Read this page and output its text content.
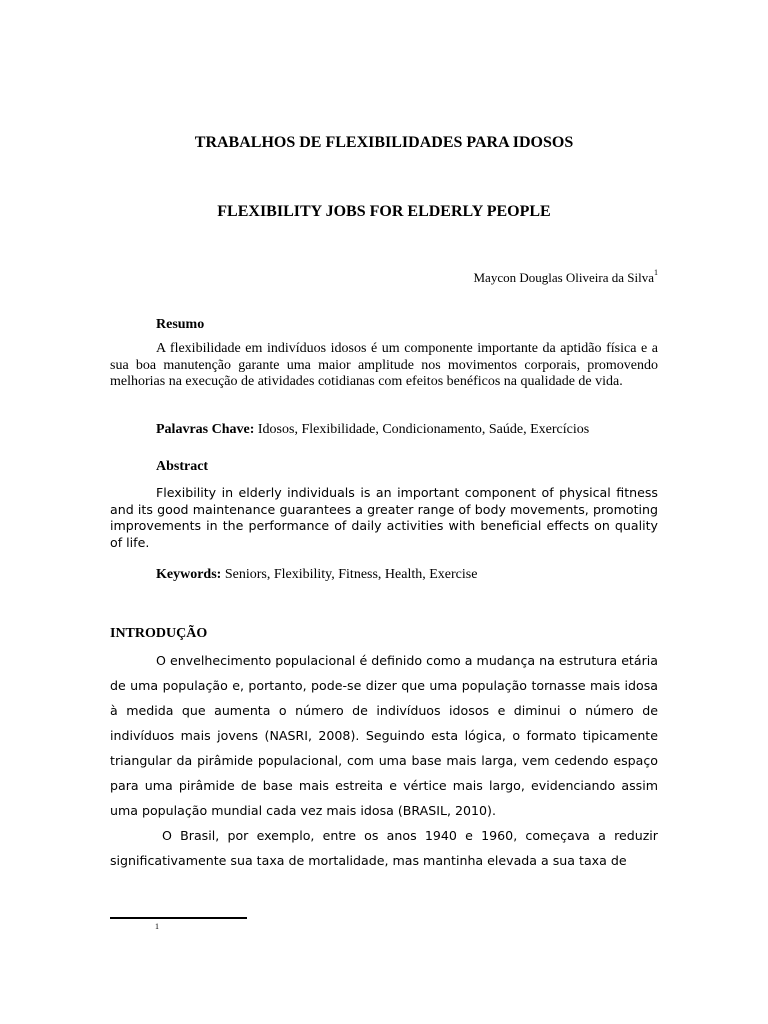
TRABALHOS DE FLEXIBILIDADES PARA IDOSOS
FLEXIBILITY JOBS FOR ELDERLY PEOPLE
Maycon Douglas Oliveira da Silva$^1$
Resumo
A flexibilidade em indivíduos idosos é um componente importante da aptidão física e a sua boa manutenção garante uma maior amplitude nos movimentos corporais, promovendo melhorias na execução de atividades cotidianas com efeitos benéficos na qualidade de vida.
Palavras Chave: Idosos, Flexibilidade, Condicionamento, Saúde, Exercícios
Abstract
Flexibility in elderly individuals is an important component of physical fitness and its good maintenance guarantees a greater range of body movements, promoting improvements in the performance of daily activities with beneficial effects on quality of life.
Keywords: Seniors, Flexibility, Fitness, Health, Exercise
INTRODUÇÃO
O envelhecimento populacional é definido como a mudança na estrutura etária de uma população e, portanto, pode-se dizer que uma população tornasse mais idosa à medida que aumenta o número de indivíduos idosos e diminui o número de indivíduos mais jovens (NASRI, 2008). Seguindo esta lógica, o formato tipicamente triangular da pirâmide populacional, com uma base mais larga, vem cedendo espaço para uma pirâmide de base mais estreita e vértice mais largo, evidenciando assim uma população mundial cada vez mais idosa (BRASIL, 2010).
O Brasil, por exemplo, entre os anos 1940 e 1960, começava a reduzir significativamente sua taxa de mortalidade, mas mantinha elevada a sua taxa de
1
